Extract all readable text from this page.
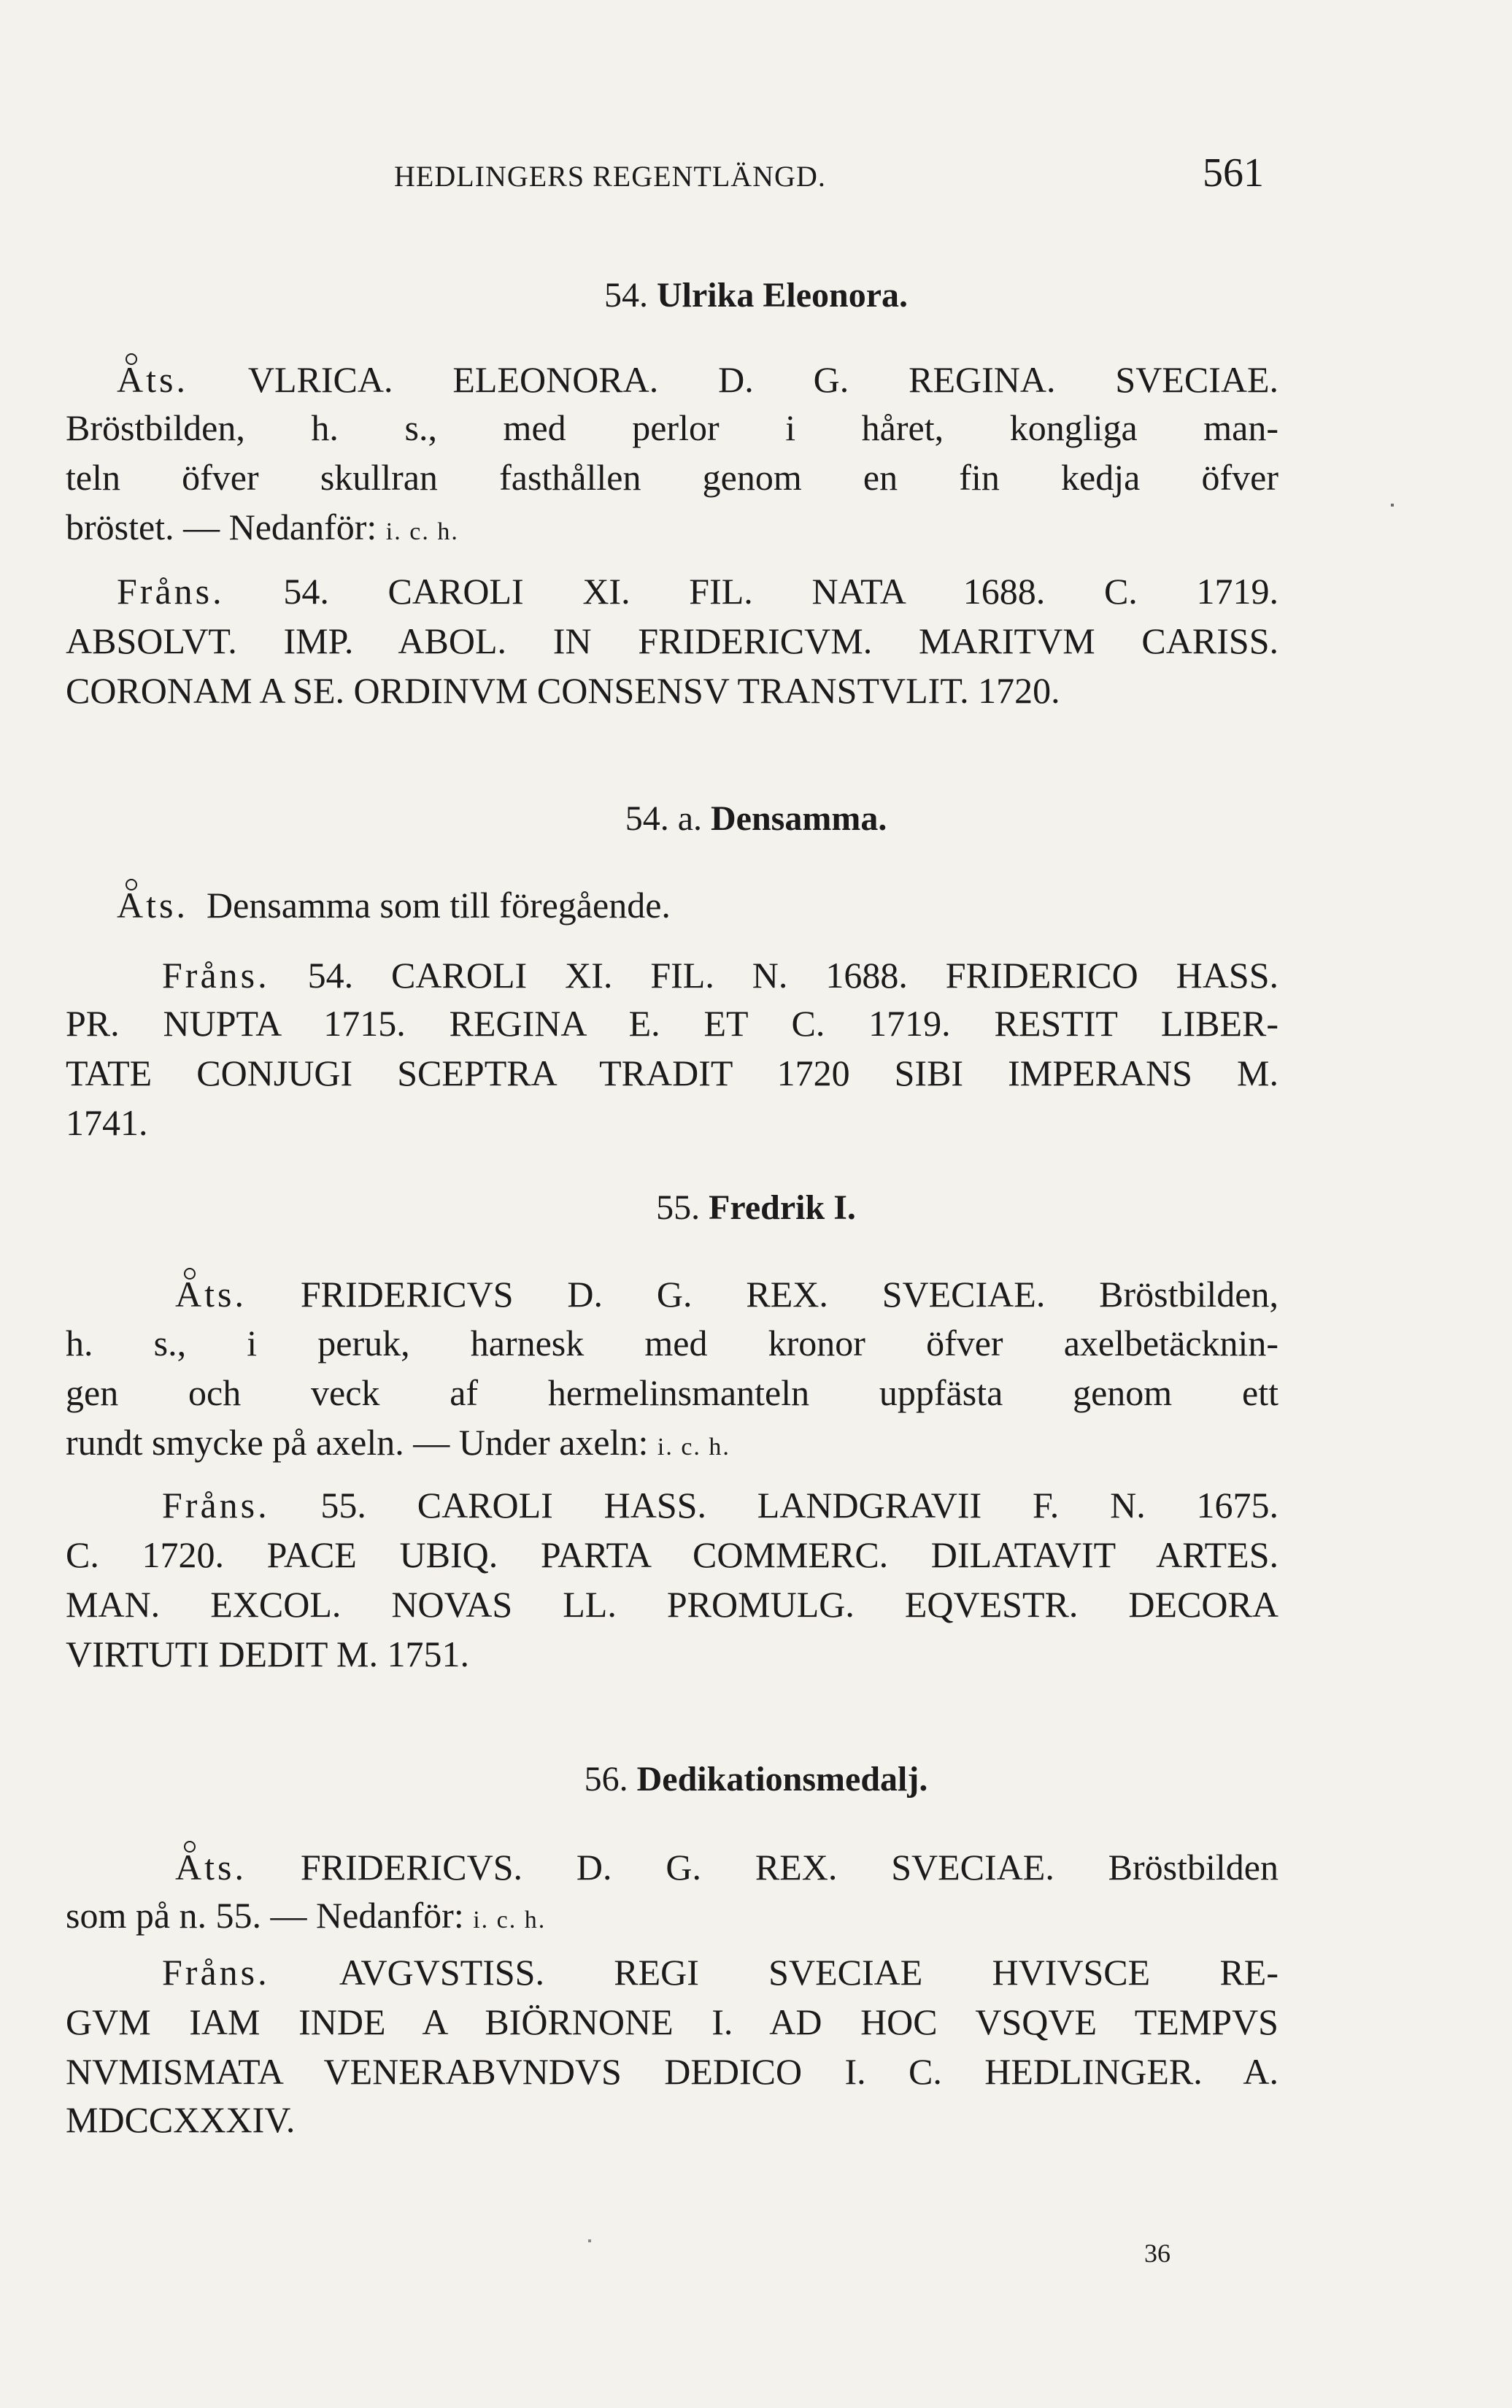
HEDLINGERS REGENTLÄNGD.	561
54. Ulrika Eleonora.
Ats. VLRICA. ELEONORA. D. G. REGINA. SVECIAE.
Bröstbilden, h. s., med perlor i håret, kongliga man-
teln öfver skullran fasthållen genom en fin kedja öfver
bröstet. — Nedanför: i. c. h.
Fråns. 54. CAROLI XI. FIL. NATA 1688. C. 1719.
ABSOLVT. IMP. ABOL. IN FRIDERICVM. MARITVM CARISS.
CORONAM A SE. ORDINVM CONSENSV TRANSTVLIT. 1720.
54. a. Densamma.
Ats. Densamma som till föregående.
Fråns. 54. CAROLI XI. FIL. N. 1688. FRIDERICO HASS.
PR. NUPTA 1715. REGINA E. ET C. 1719. RESTIT LIBER-
TATE CONJUGI SCEPTRA TRADIT 1720 SIBI IMPERANS M.
1741.
55. Fredrik I.
Ats. FRIDERICVS D. G. REX. SVECIAE. Bröstbilden,
h. s., i peruk, harnesk med kronor öfver axelbetäcknin-
gen och veck af hermelinsmanteln uppfästa genom ett
rundt smycke på axeln. — Under axeln: i. c. h.
Fråns. 55. CAROLI HASS. LANDGRAVII F. N. 1675.
C. 1720. PACE UBIQ. PARTA COMMERC. DILATAVIT ARTES.
MAN. EXCOL. NOVAS LL. PROMULG. EQVESTR. DECORA
VIRTUTI DEDIT M. 1751.
56. Dedikationsmedalj.
Ats. FRIDERICVS. D. G. REX. SVECIAE. Bröstbilden
som på n. 55. — Nedanför: i. c. h.
Fråns. AVGVSTISS. REGI SVECIAE HVIVSCE RE-
GVM IAM INDE A BIÖRNONE I. AD HOC VSQVE TEMPVS
NVMISMATA VENERABVNDVS DEDICO I. C. HEDLINGER. A.
MDCCXXXIV.
36
